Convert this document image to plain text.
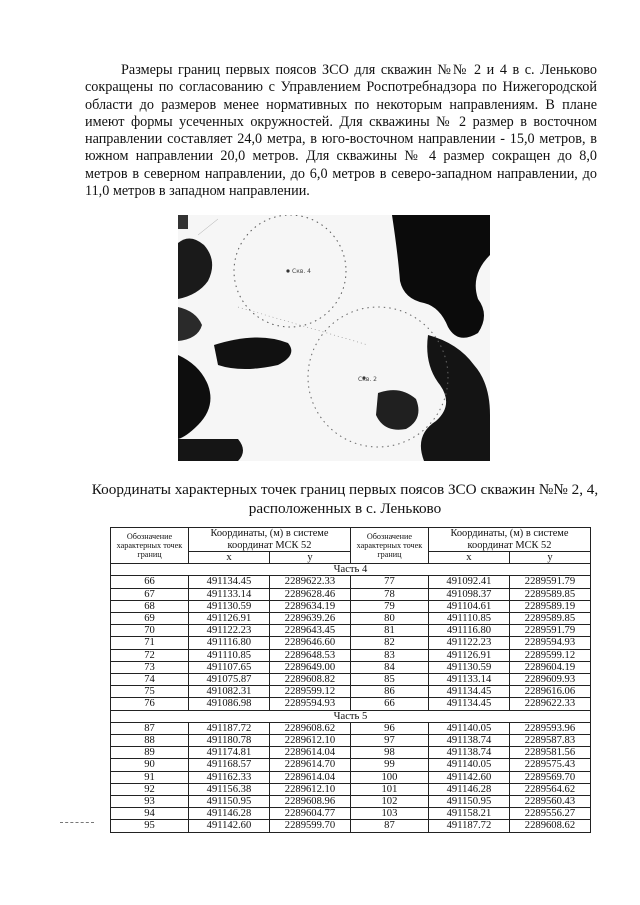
Размеры границ первых поясов ЗСО для скважин №№ 2 и 4 в с. Леньково сокращены по согласованию с Управлением Роспотребнадзора по Нижегородской области до размеров менее нормативных по некоторым направлениям. В плане имеют формы усеченных окружностей. Для скважины № 2 размер в восточном направлении составляет 24,0 метра, в юго-восточном направлении - 15,0 метров, в южном направлении 20,0 метров. Для скважины № 4 размер сокращен до 8,0 метров в северном направлении, до 6,0 метров в северо-западном направлении, до 11,0 метров в западном направлении.
Скв. 4
Скв. 2
Координаты характерных точек границ первых поясов ЗСО скважин №№ 2, 4,
расположенных в с. Леньково
Обозначение характерных точек границ	Координаты, (м) в системе координат МСК 52		Обозначение характерных точек границ	Координаты, (м) в системе координат МСК 52	
	х	у		х	у
Часть 4					
66	491134.45	2289622.33	77	491092.41	2289591.79
67	491133.14	2289628.46	78	491098.37	2289589.85
68	491130.59	2289634.19	79	491104.61	2289589.19
69	491126.91	2289639.26	80	491110.85	2289589.85
70	491122.23	2289643.45	81	491116.80	2289591.79
71	491116.80	2289646.60	82	491122.23	2289594.93
72	491110.85	2289648.53	83	491126.91	2289599.12
73	491107.65	2289649.00	84	491130.59	2289604.19
74	491075.87	2289608.82	85	491133.14	2289609.93
75	491082.31	2289599.12	86	491134.45	2289616.06
76	491086.98	2289594.93	66	491134.45	2289622.33
Часть 5					
87	491187.72	2289608.62	96	491140.05	2289593.96
88	491180.78	2289612.10	97	491138.74	2289587.83
89	491174.81	2289614.04	98	491138.74	2289581.56
90	491168.57	2289614.70	99	491140.05	2289575.43
91	491162.33	2289614.04	100	491142.60	2289569.70
92	491156.38	2289612.10	101	491146.28	2289564.62
93	491150.95	2289608.96	102	491150.95	2289560.43
94	491146.28	2289604.77	103	491158.21	2289556.27
95	491142.60	2289599.70	87	491187.72	2289608.62
